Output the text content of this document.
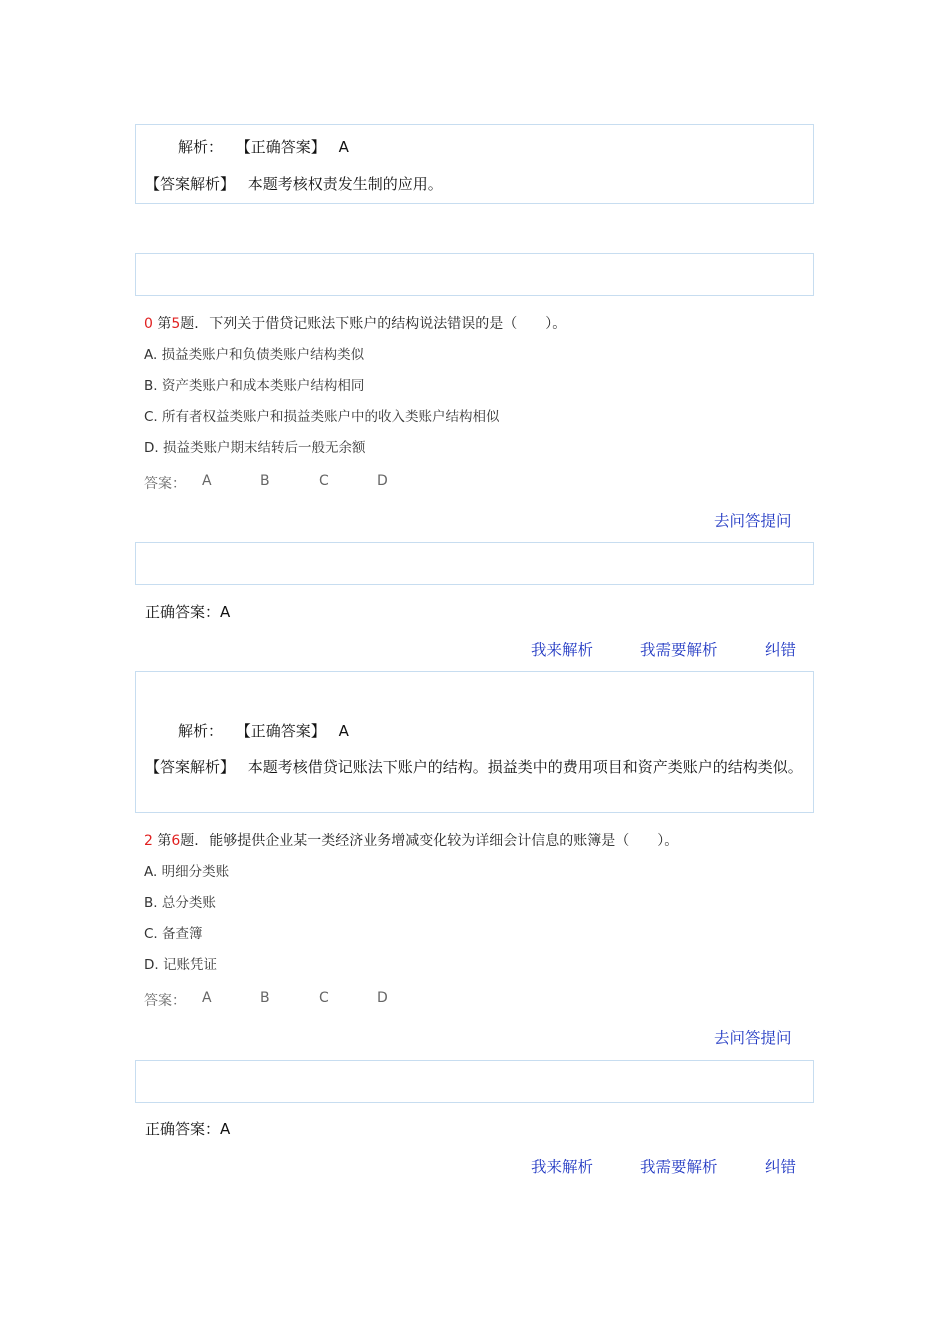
解析： 【正确答案】 A
【答案解析】 本题考核权责发生制的应用。
0 第5题. 下列关于借贷记账法下账户的结构说法错误的是（　　）。
A. 损益类账户和负债类账户结构类似
B. 资产类账户和成本类账户结构相同
C. 所有者权益类账户和损益类账户中的收入类账户结构相似
D. 损益类账户期末结转后一般无余额
答案： A	B	C	D
去问答提问
正确答案：A
我来解析	我需要解析	纠错
解析： 【正确答案】 A
【答案解析】 本题考核借贷记账法下账户的结构。损益类中的费用项目和资产类账户的结构类似。
2 第6题. 能够提供企业某一类经济业务增减变化较为详细会计信息的账簿是（　　）。
A. 明细分类账
B. 总分类账
C. 备查簿
D. 记账凭证
答案： A	B	C	D
去问答提问
正确答案：A
我来解析	我需要解析	纠错
